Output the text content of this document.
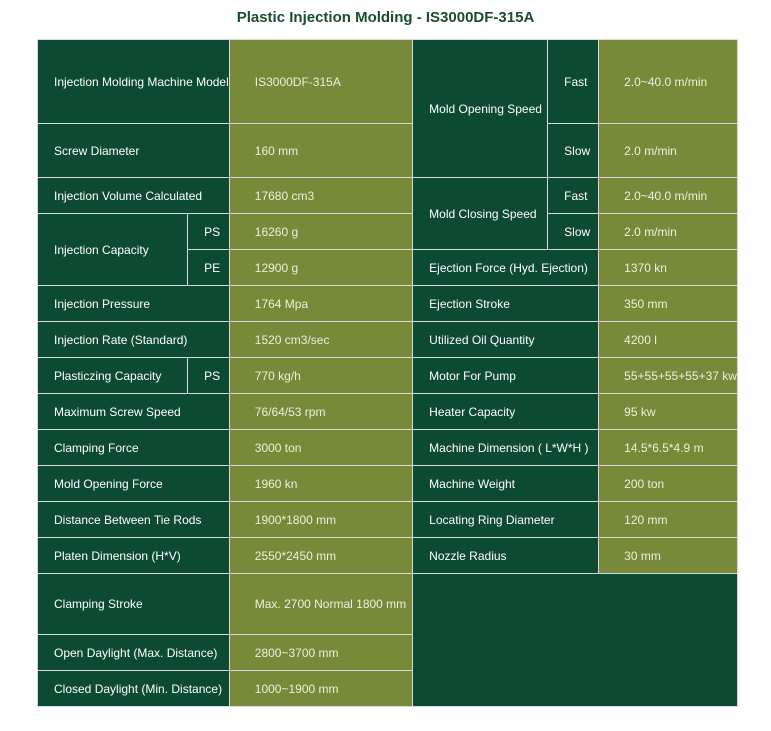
Plastic Injection Molding - IS3000DF-315A
Injection Molding Machine Model		IS3000DF-315A	Mold Opening Speed	Fast	2.0~40.0 m/min
Screw Diameter		160 mm		Slow	2.0 m/min
Injection Volume Calculated		17680 cm3	Mold Closing Speed	Fast	2.0~40.0 m/min
Injection Capacity	PS	16260 g		Slow	2.0 m/min
	PE	12900 g	Ejection Force (Hyd. Ejection)		1370 kn
Injection Pressure		1764 Mpa	Ejection Stroke		350 mm
Injection Rate (Standard)		1520 cm3/sec	Utilized Oil Quantity		4200 l
Plasticzing Capacity	PS	770 kg/h	Motor For Pump		55+55+55+55+37 kw
Maximum Screw Speed		76/64/53 rpm	Heater Capacity		95 kw
Clamping Force		3000 ton	Machine Dimension ( L*W*H )		14.5*6.5*4.9 m
Mold Opening Force		1960 kn	Machine Weight		200 ton
Distance Between Tie Rods		1900*1800 mm	Locating Ring Diameter		120 mm
Platen Dimension (H*V)		2550*2450 mm	Nozzle Radius		30 mm
Clamping Stroke		Max. 2700 Normal 1800 mm			
Open Daylight (Max. Distance)		2800~3700 mm			
Closed Daylight (Min. Distance)		1000~1900 mm			
